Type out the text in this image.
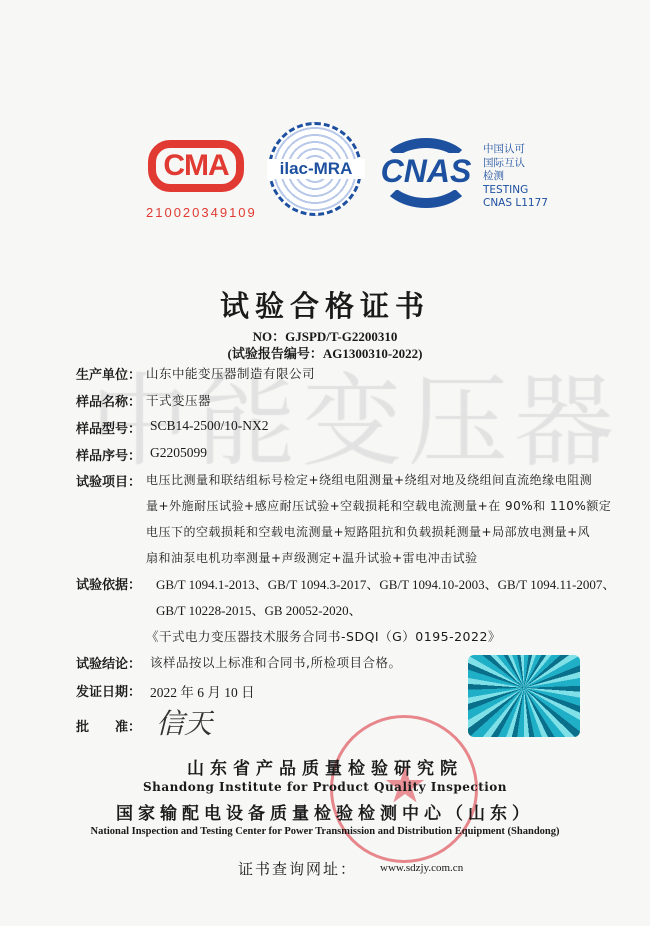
CMA
210020349109
ilac-MRA CNAS
中国认可
国际互认
检测
TESTING
CNAS L1177
试验合格证书
NO：GJSPD/T-G2200310
(试验报告编号：AG1300310-2022)
生产单位： 山东中能变压器制造有限公司
样品名称： 干式变压器
样品型号： SCB14-2500/10-NX2
样品序号： G2205099
试验项目： 电压比测量和联结组标号检定+绕组电阻测量+绕组对地及绕组间直流绝缘电阻测
量+外施耐压试验+感应耐压试验+空载损耗和空载电流测量+在 90%和 110%额定
电压下的空载损耗和空载电流测量+短路阻抗和负载损耗测量+局部放电测量+风
扇和油泵电机功率测量+声级测定+温升试验+雷电冲击试验
试验依据： GB/T 1094.1-2013、GB/T 1094.3-2017、GB/T 1094.10-2003、GB/T 1094.11-2007、
GB/T 10228-2015、GB 20052-2020、
《干式电力变压器技术服务合同书-SDQI（G）0195-2022》
试验结论： 该样品按以上标准和合同书,所检项目合格。
发证日期： 2022 年 6 月 10 日
批　　准： 信天
山东省产品质量检验研究院
Shandong Institute for Product Quality Inspection
国家输配电设备质量检验检测中心（山东）
National Inspection and Testing Center for Power Transmission and Distribution Equipment (Shandong)
证书查询网址： www.sdzjy.com.cn
